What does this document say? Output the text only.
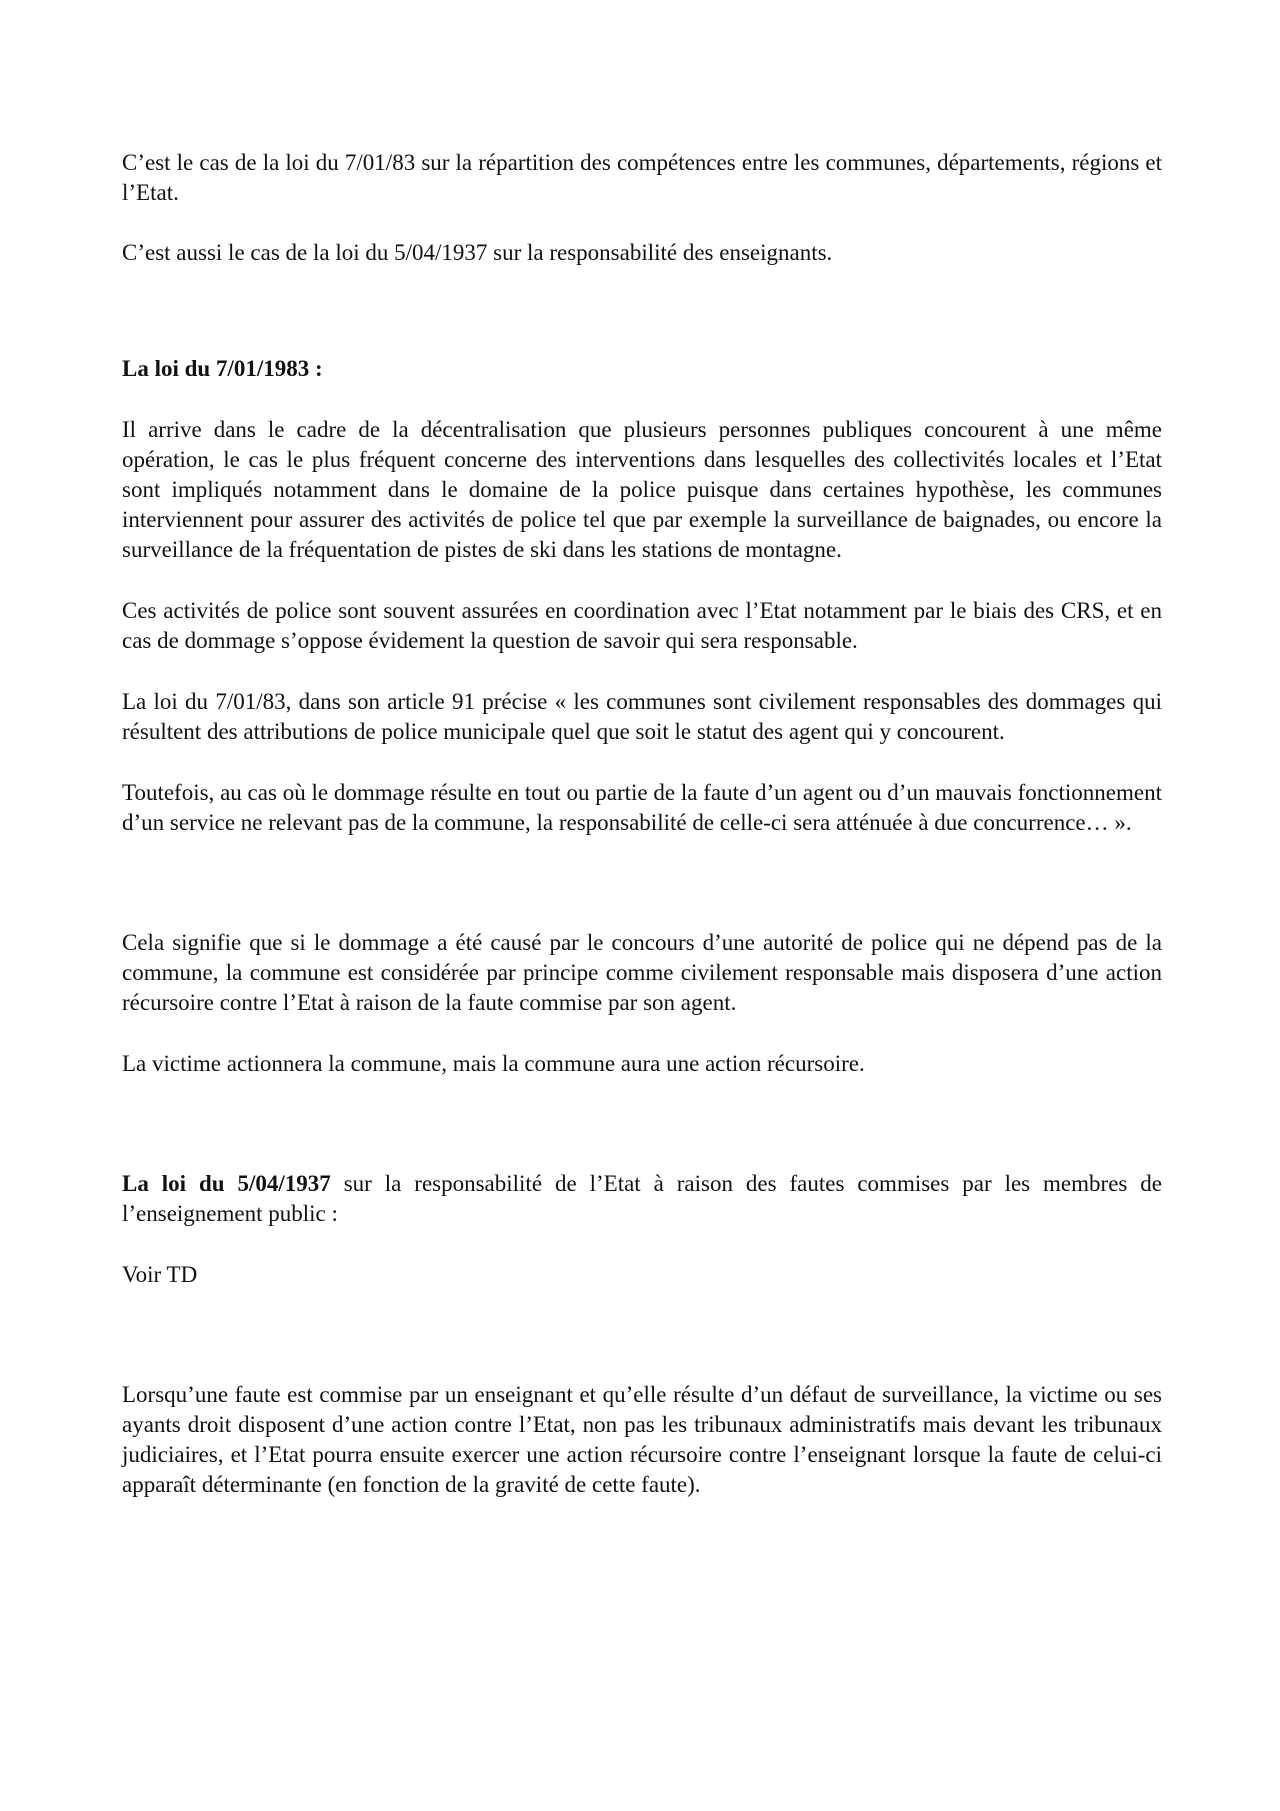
C’est le cas de la loi du 7/01/83 sur la répartition des compétences entre les communes, départements, régions et l’Etat.

C’est aussi le cas de la loi du 5/04/1937 sur la responsabilité des enseignants.

La loi du 7/01/1983 :

Il arrive dans le cadre de la décentralisation que plusieurs personnes publiques concourent à une même opération, le cas le plus fréquent concerne des interventions dans lesquelles des collectivités locales et l’Etat sont impliqués notamment dans le domaine de la police puisque dans certaines hypothèse, les communes interviennent pour assurer des activités de police tel que par exemple la surveillance de baignades, ou encore la surveillance de la fréquentation de pistes de ski dans les stations de montagne.

Ces activités de police sont souvent assurées en coordination avec l’Etat notamment par le biais des CRS, et en cas de dommage s’oppose évidement la question de savoir qui sera responsable.

La loi du 7/01/83, dans son article 91 précise « les communes sont civilement responsables des dommages qui résultent des attributions de police municipale quel que soit le statut des agent qui y concourent.

Toutefois, au cas où le dommage résulte en tout ou partie de la faute d’un agent ou d’un mauvais fonctionnement d’un service ne relevant pas de la commune, la responsabilité de celle-ci sera atténuée à due concurrence… ».

Cela signifie que si le dommage a été causé par le concours d’une autorité de police qui ne dépend pas de la commune, la commune est considérée par principe comme civilement responsable mais disposera d’une action récursoire contre l’Etat à raison de la faute commise par son agent.

La victime actionnera la commune, mais la commune aura une action récursoire.

La loi du 5/04/1937 sur la responsabilité de l’Etat à raison des fautes commises par les membres de l’enseignement public :

Voir TD

Lorsqu’une faute est commise par un enseignant et qu’elle résulte d’un défaut de surveillance, la victime ou ses ayants droit disposent d’une action contre l’Etat, non pas les tribunaux administratifs mais devant les tribunaux judiciaires, et l’Etat pourra ensuite exercer une action récursoire contre l’enseignant lorsque la faute de celui-ci apparaît déterminante (en fonction de la gravité de cette faute).
